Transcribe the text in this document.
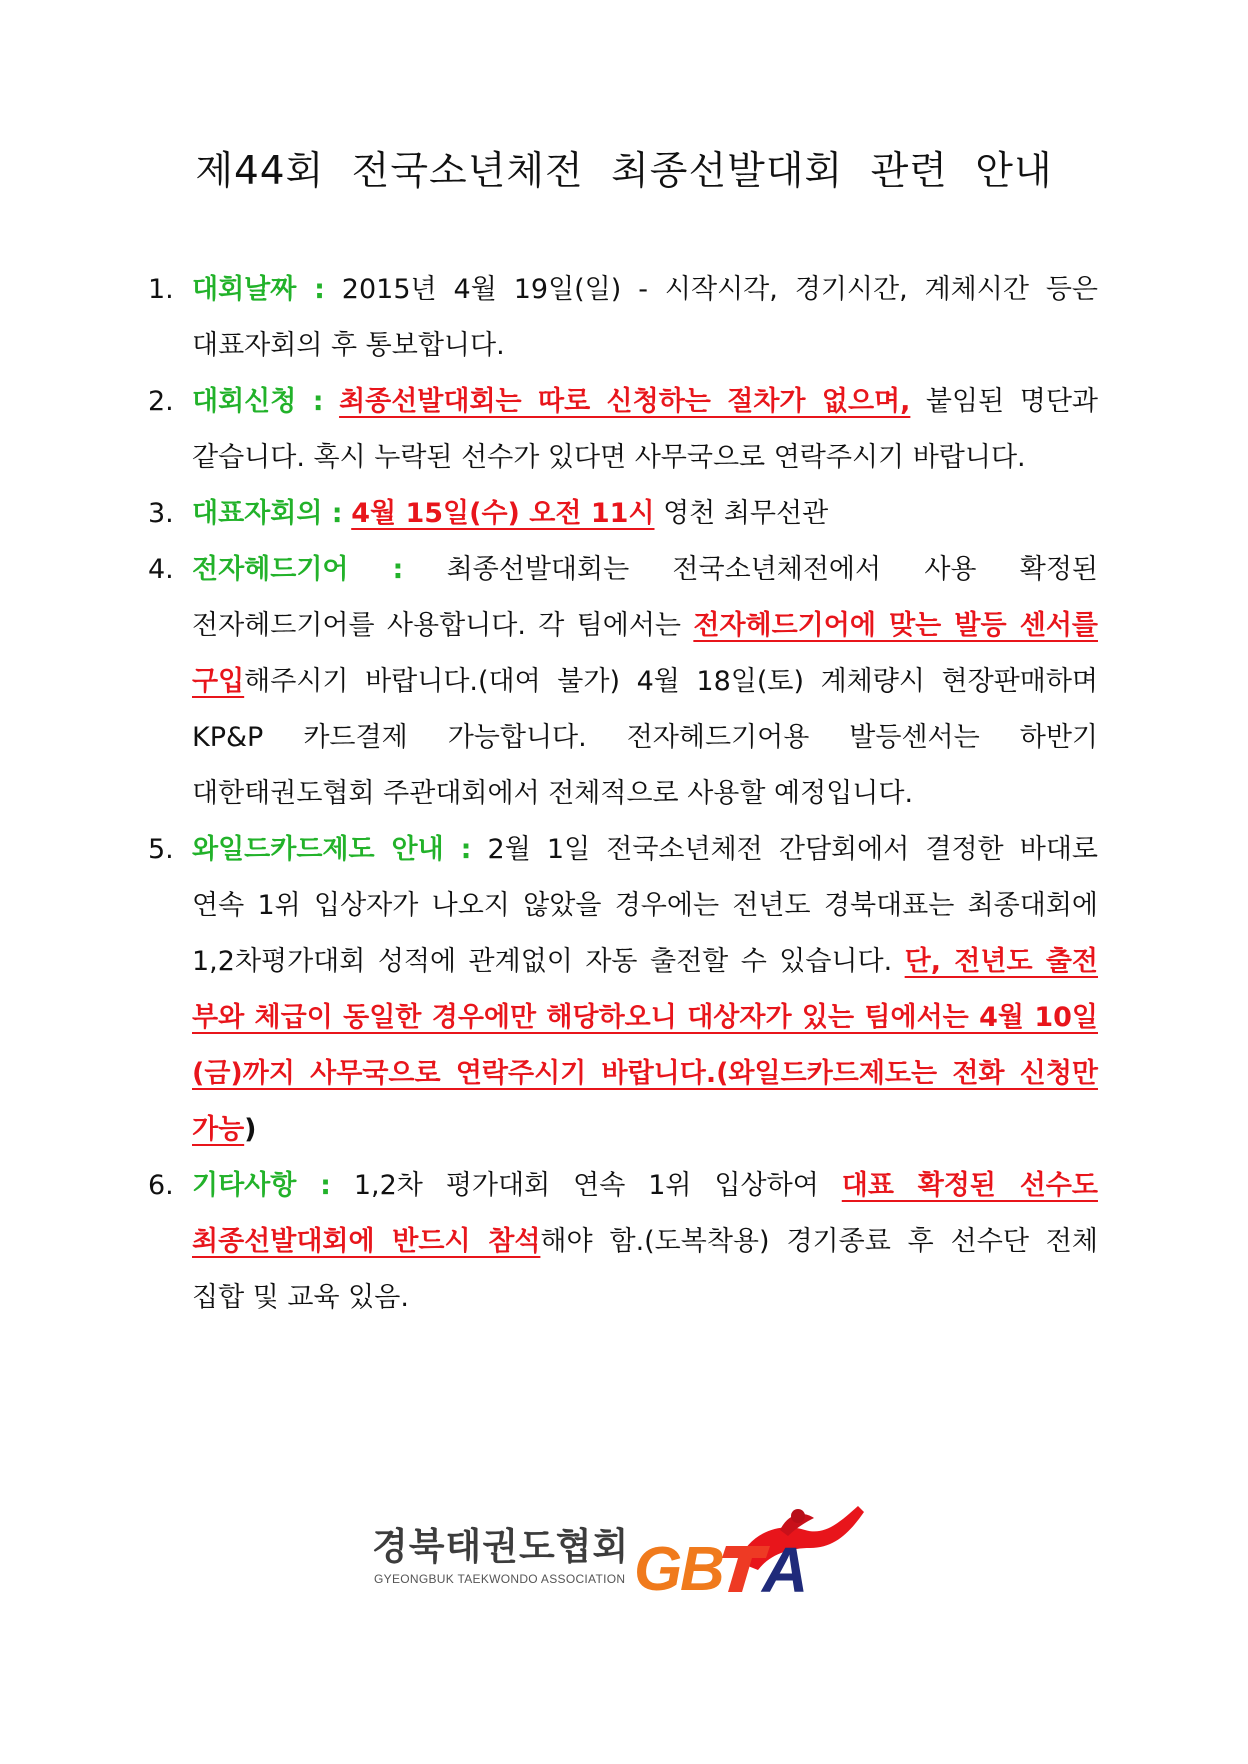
제44회 전국소년체전 최종선발대회 관련 안내
1. 대회날짜 : 2015년 4월 19일(일) - 시작시각, 경기시간, 계체시간 등은 대표자회의 후 통보합니다.
2. 대회신청 : 최종선발대회는 따로 신청하는 절차가 없으며, 붙임된 명단과 같습니다. 혹시 누락된 선수가 있다면 사무국으로 연락주시기 바랍니다.
3. 대표자회의 : 4월 15일(수) 오전 11시 영천 최무선관
4. 전자헤드기어 : 최종선발대회는 전국소년체전에서 사용 확정된 전자헤드기어를 사용합니다. 각 팀에서는 전자헤드기어에 맞는 발등 센서를 구입해주시기 바랍니다.(대여 불가) 4월 18일(토) 계체량시 현장판매하며 KP&P 카드결제 가능합니다. 전자헤드기어용 발등센서는 하반기 대한태권도협회 주관대회에서 전체적으로 사용할 예정입니다.
5. 와일드카드제도 안내 : 2월 1일 전국소년체전 간담회에서 결정한 바대로 연속 1위 입상자가 나오지 않았을 경우에는 전년도 경북대표는 최종대회에 1,2차평가대회 성적에 관계없이 자동 출전할 수 있습니다. 단, 전년도 출전 부와 체급이 동일한 경우에만 해당하오니 대상자가 있는 팀에서는 4월 10일(금)까지 사무국으로 연락주시기 바랍니다.(와일드카드제도는 전화 신청만 가능)
6. 기타사항 : 1,2차 평가대회 연속 1위 입상하여 대표 확정된 선수도 최종선발대회에 반드시 참석해야 함.(도복착용) 경기종료 후 선수단 전체 집합 및 교육 있음.
경북태권도협회
GYEONGBUK TAEKWONDO ASSOCIATION G
B A
